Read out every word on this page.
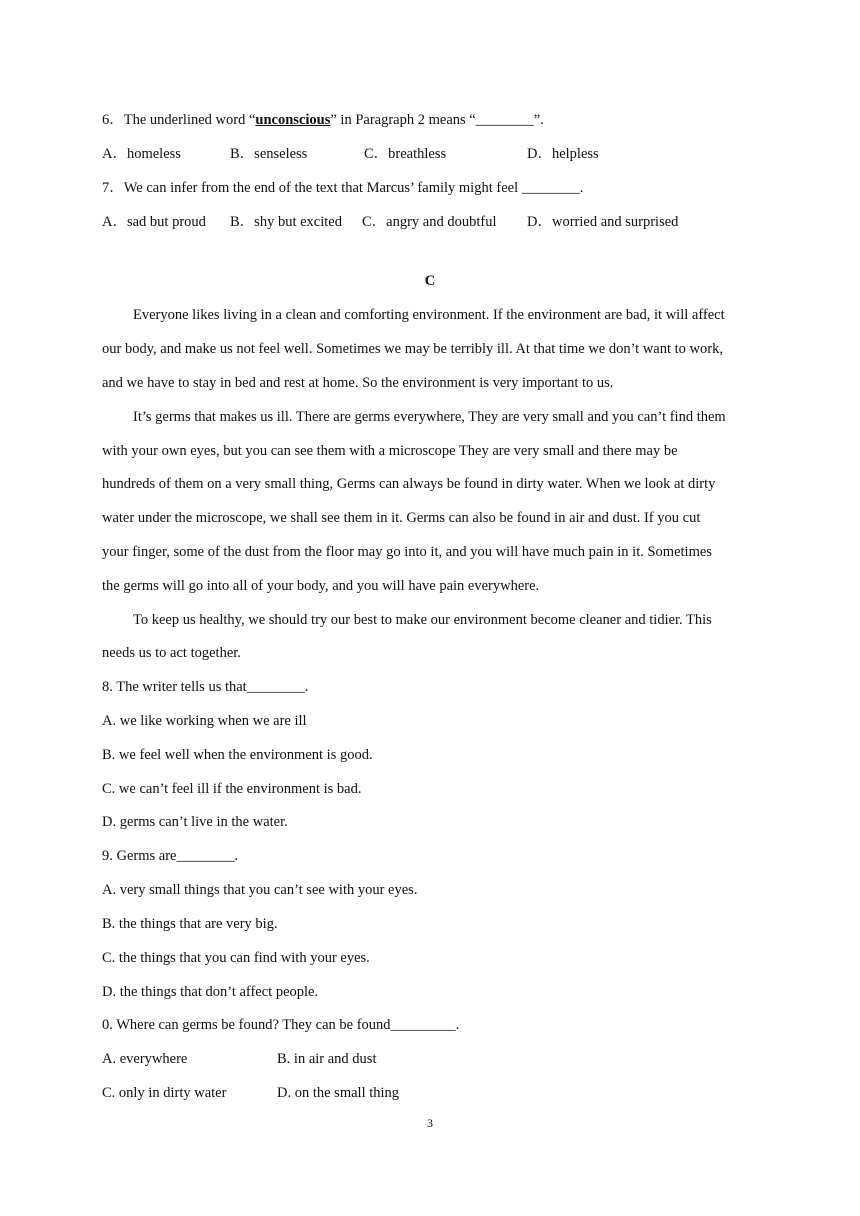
6．The underlined word “unconscious” in Paragraph 2 means “________”.
A．homeless	B．senseless	C．breathless	D．helpless
7．We can infer from the end of the text that Marcus’ family might feel ________.
A．sad but proud B．shy but excited C．angry and doubtful D．worried and surprised
C
Everyone likes living in a clean and comforting environment. If the environment are bad, it will affect
our body, and make us not feel well. Sometimes we may be terribly ill. At that time we don’t want to work,
and we have to stay in bed and rest at home. So the environment is very important to us.
It’s germs that makes us ill. There are germs everywhere, They are very small and you can’t find them
with your own eyes, but you can see them with a microscope They are very small and there may be
hundreds of them on a very small thing, Germs can always be found in dirty water. When we look at dirty
water under the microscope, we shall see them in it. Germs can also be found in air and dust. If you cut
your finger, some of the dust from the floor may go into it, and you will have much pain in it. Sometimes
the germs will go into all of your body, and you will have pain everywhere.
To keep us healthy, we should try our best to make our environment become cleaner and tidier. This
needs us to act together.
8. The writer tells us that________.
A. we like working when we are ill
B. we feel well when the environment is good.
C. we can’t feel ill if the environment is bad.
D. germs can’t live in the water.
9. Germs are________.
A. very small things that you can’t see with your eyes.
B. the things that are very big.
C. the things that you can find with your eyes.
D. the things that don’t affect people.
0. Where can germs be found? They can be found_________.
A. everywhere	B. in air and dust
C. only in dirty water	D. on the small thing
3
